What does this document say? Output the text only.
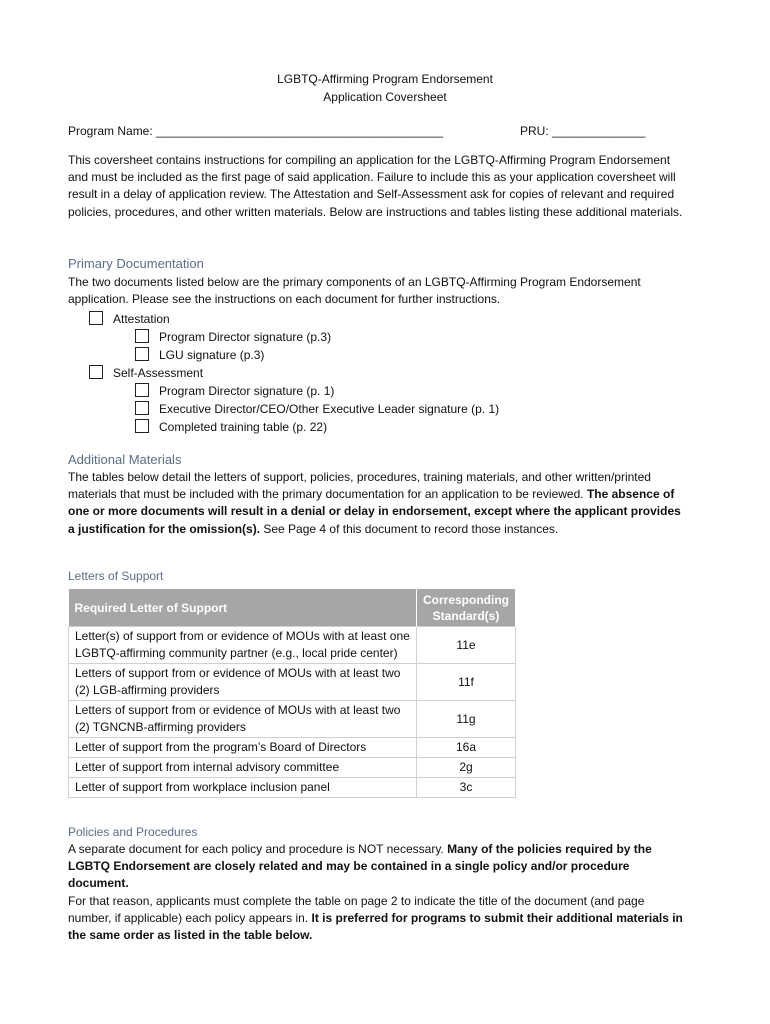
LGBTQ-Affirming Program Endorsement
Application Coversheet
Program Name: ___________________________________________	PRU: ______________
This coversheet contains instructions for compiling an application for the LGBTQ-Affirming Program Endorsement and must be included as the first page of said application. Failure to include this as your application coversheet will result in a delay of application review. The Attestation and Self-Assessment ask for copies of relevant and required policies, procedures, and other written materials. Below are instructions and tables listing these additional materials.
Primary Documentation
The two documents listed below are the primary components of an LGBTQ-Affirming Program Endorsement application. Please see the instructions on each document for further instructions.
Attestation
Program Director signature (p.3)
LGU signature (p.3)
Self-Assessment
Program Director signature (p. 1)
Executive Director/CEO/Other Executive Leader signature (p. 1)
Completed training table (p. 22)
Additional Materials
The tables below detail the letters of support, policies, procedures, training materials, and other written/printed materials that must be included with the primary documentation for an application to be reviewed. The absence of one or more documents will result in a denial or delay in endorsement, except where the applicant provides a justification for the omission(s). See Page 4 of this document to record those instances.
Letters of Support
Required Letter of Support	Corresponding Standard(s)
Letter(s) of support from or evidence of MOUs with at least one LGBTQ-affirming community partner (e.g., local pride center)	11e
Letters of support from or evidence of MOUs with at least two (2) LGB-affirming providers	11f
Letters of support from or evidence of MOUs with at least two (2) TGNCNB-affirming providers	11g
Letter of support from the program’s Board of Directors	16a
Letter of support from internal advisory committee	2g
Letter of support from workplace inclusion panel	3c
Policies and Procedures
A separate document for each policy and procedure is NOT necessary. Many of the policies required by the LGBTQ Endorsement are closely related and may be contained in a single policy and/or procedure document.
For that reason, applicants must complete the table on page 2 to indicate the title of the document (and page number, if applicable) each policy appears in. It is preferred for programs to submit their additional materials in the same order as listed in the table below.
